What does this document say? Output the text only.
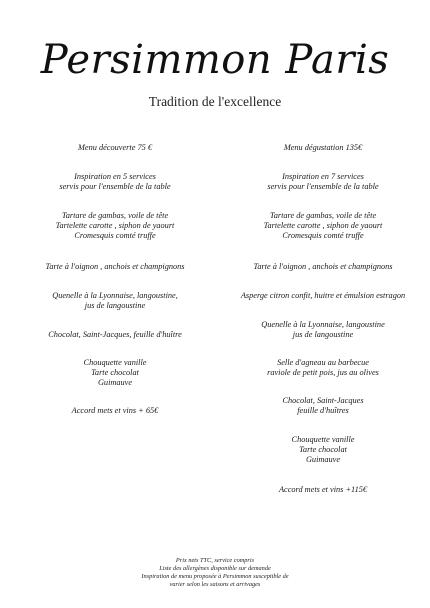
Persimmon Paris
Tradition de l'excellence
Menu découverte 75 €
Inspiration en 5 services
servis pour l'ensemble de la table
Tartare de gambas, voile de tête
Tartelette carotte , siphon de yaourt
Cromesquis comté truffe
Tarte à l'oignon , anchois et champignons
Quenelle à la Lyonnaise, langoustine,
jus de langoustine
Chocolat, Saint-Jacques, feuille d'huître
Chouquette vanille
Tarte chocolat
Guimauve
Accord mets et vins + 65€
Menu dégustation 135€
Inspiration en 7 services
servis pour l'ensemble de la table
Tartare de gambas, voile de tête
Tartelette carotte , siphon de yaourt
Cromesquis comté truffe
Tarte à l'oignon , anchois et champignons
Asperge citron confit, huitre et émulsion estragon
Quenelle à la Lyonnaise, langoustine
jus de langoustine
Selle d'agneau au barbecue
raviole de petit pois, jus au olives
Chocolat, Saint-Jacques
feuille d'huîtres
Chouquette vanille
Tarte chocolat
Guimauve
Accord mets et vins +115€
Prix nets TTC, service compris
Liste des allergènes disponible sur demande
Inspiration de menu proposée à Persimmon susceptible de
varier selon les saisons et arrivages
